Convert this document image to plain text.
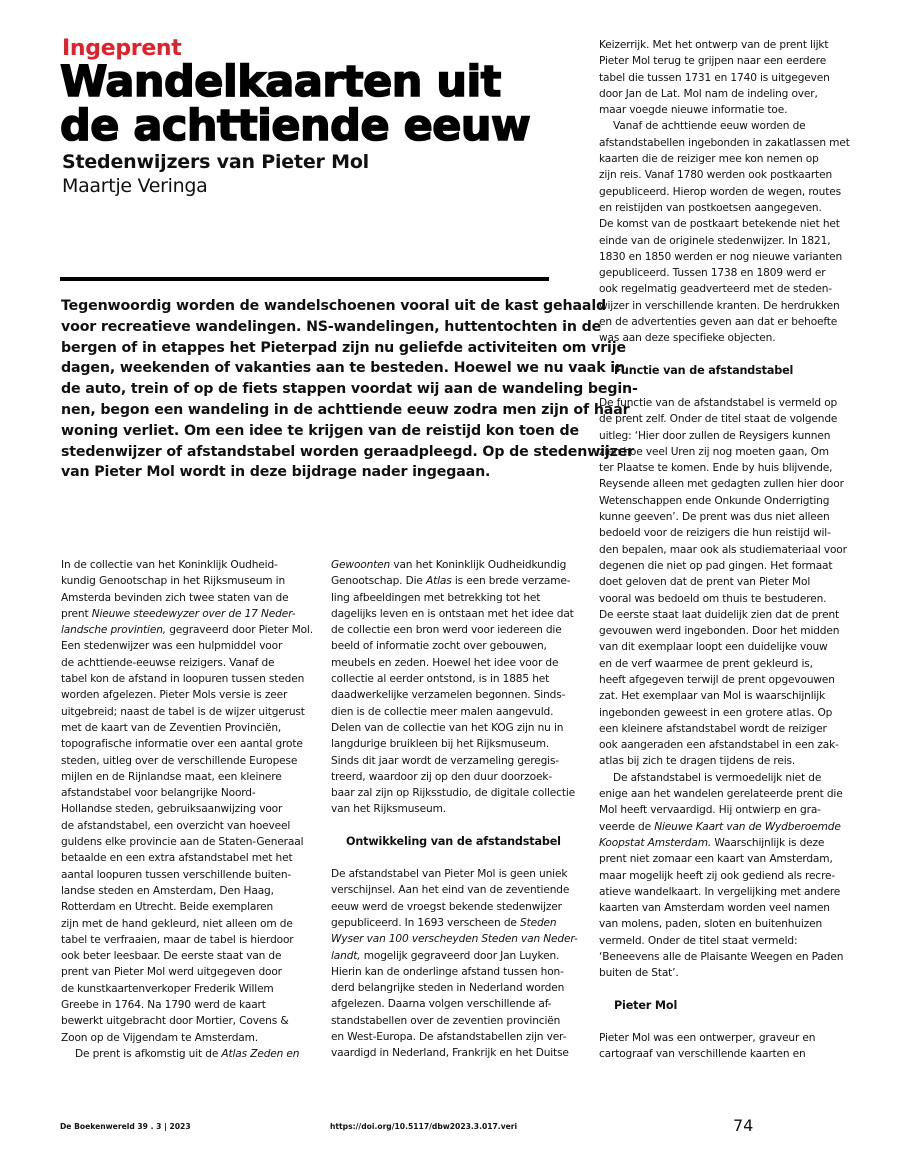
Ingeprent
Wandelkaarten uit
de achttiende eeuw
Stedenwijzers van Pieter Mol
Maartje Veringa
Tegenwoordig worden de wandelschoenen vooral uit de kast gehaald
voor recreatieve wandelingen. NS-wandelingen, huttentochten in de
bergen of in etappes het Pieterpad zijn nu geliefde activiteiten om vrije
dagen, weekenden of vakanties aan te besteden. Hoewel we nu vaak in
de auto, trein of op de fiets stappen voordat wij aan de wandeling begin-
nen, begon een wandeling in de achttiende eeuw zodra men zijn of haar
woning verliet. Om een idee te krijgen van de reistijd kon toen de
stedenwijzer of afstandstabel worden geraadpleegd. Op de stedenwijzer
van Pieter Mol wordt in deze bijdrage nader ingegaan.
In de collectie van het Koninklijk Oudheid-
kundig Genootschap in het Rijksmuseum in
Amsterda bevinden zich twee staten van de
prent Nieuwe steedewyzer over de 17 Neder-
landsche provintien, gegraveerd door Pieter Mol.
Een stedenwijzer was een hulpmiddel voor
de achttiende-eeuwse reizigers. Vanaf de
tabel kon de afstand in loopuren tussen steden
worden afgelezen. Pieter Mols versie is zeer
uitgebreid; naast de tabel is de wijzer uitgerust
met de kaart van de Zeventien Provinciën,
topografische informatie over een aantal grote
steden, uitleg over de verschillende Europese
mijlen en de Rijnlandse maat, een kleinere
afstandstabel voor belangrijke Noord-
Hollandse steden, gebruiksaanwijzing voor
de afstandstabel, een overzicht van hoeveel
guldens elke provincie aan de Staten-Generaal
betaalde en een extra afstandstabel met het
aantal loopuren tussen verschillende buiten-
landse steden en Amsterdam, Den Haag,
Rotterdam en Utrecht. Beide exemplaren
zijn met de hand gekleurd, niet alleen om de
tabel te verfraaien, maar de tabel is hierdoor
ook beter leesbaar. De eerste staat van de
prent van Pieter Mol werd uitgegeven door
de kunstkaartenverkoper Frederik Willem
Greebe in 1764. Na 1790 werd de kaart
bewerkt uitgebracht door Mortier, Covens &
Zoon op de Vijgendam te Amsterdam.
De prent is afkomstig uit de Atlas Zeden en
Gewoonten van het Koninklijk Oudheidkundig
Genootschap. Die Atlas is een brede verzame-
ling afbeeldingen met betrekking tot het
dagelijks leven en is ontstaan met het idee dat
de collectie een bron werd voor iedereen die
beeld of informatie zocht over gebouwen,
meubels en zeden. Hoewel het idee voor de
collectie al eerder ontstond, is in 1885 het
daadwerkelijke verzamelen begonnen. Sinds-
dien is de collectie meer malen aangevuld.
Delen van de collectie van het KOG zijn nu in
langdurige bruikleen bij het Rijksmuseum.
Sinds dit jaar wordt de verzameling geregis-
treerd, waardoor zij op den duur doorzoek-
baar zal zijn op Rijksstudio, de digitale collectie
van het Rijksmuseum.
Ontwikkeling van de afstandstabel
De afstandstabel van Pieter Mol is geen uniek
verschijnsel. Aan het eind van de zeventiende
eeuw werd de vroegst bekende stedenwijzer
gepubliceerd. In 1693 verscheen de Steden
Wyser van 100 verscheyden Steden van Neder-
landt, mogelijk gegraveerd door Jan Luyken.
Hierin kan de onderlinge afstand tussen hon-
derd belangrijke steden in Nederland worden
afgelezen. Daarna volgen verschillende af-
standstabellen over de zeventien provinciën
en West-Europa. De afstandstabellen zijn ver-
vaardigd in Nederland, Frankrijk en het Duitse
Keizerrijk. Met het ontwerp van de prent lijkt
Pieter Mol terug te grijpen naar een eerdere
tabel die tussen 1731 en 1740 is uitgegeven
door Jan de Lat. Mol nam de indeling over,
maar voegde nieuwe informatie toe.
Vanaf de achttiende eeuw worden de
afstandstabellen ingebonden in zakatlassen met
kaarten die de reiziger mee kon nemen op
zijn reis. Vanaf 1780 werden ook postkaarten
gepubliceerd. Hierop worden de wegen, routes
en reistijden van postkoetsen aangegeven.
De komst van de postkaart betekende niet het
einde van de originele stedenwijzer. In 1821,
1830 en 1850 werden er nog nieuwe varianten
gepubliceerd. Tussen 1738 en 1809 werd er
ook regelmatig geadverteerd met de steden-
wijzer in verschillende kranten. De herdrukken
en de advertenties geven aan dat er behoefte
was aan deze specifieke objecten.
Functie van de afstandstabel
De functie van de afstandstabel is vermeld op
de prent zelf. Onder de titel staat de volgende
uitleg: ‘Hier door zullen de Reysigers kunnen
zien hoe veel Uren zij nog moeten gaan, Om
ter Plaatse te komen. Ende by huis blijvende,
Reysende alleen met gedagten zullen hier door
Wetenschappen ende Onkunde Onderrigting
kunne geeven’. De prent was dus niet alleen
bedoeld voor de reizigers die hun reistijd wil-
den bepalen, maar ook als studiemateriaal voor
degenen die niet op pad gingen. Het formaat
doet geloven dat de prent van Pieter Mol
vooral was bedoeld om thuis te bestuderen.
De eerste staat laat duidelijk zien dat de prent
gevouwen werd ingebonden. Door het midden
van dit exemplaar loopt een duidelijke vouw
en de verf waarmee de prent gekleurd is,
heeft afgegeven terwijl de prent opgevouwen
zat. Het exemplaar van Mol is waarschijnlijk
ingebonden geweest in een grotere atlas. Op
een kleinere afstandstabel wordt de reiziger
ook aangeraden een afstandstabel in een zak-
atlas bij zich te dragen tijdens de reis.
De afstandstabel is vermoedelijk niet de
enige aan het wandelen gerelateerde prent die
Mol heeft vervaardigd. Hij ontwierp en gra-
veerde de Nieuwe Kaart van de Wydberoemde
Koopstat Amsterdam. Waarschijnlijk is deze
prent niet zomaar een kaart van Amsterdam,
maar mogelijk heeft zij ook gediend als recre-
atieve wandelkaart. In vergelijking met andere
kaarten van Amsterdam worden veel namen
van molens, paden, sloten en buitenhuizen
vermeld. Onder de titel staat vermeld:
‘Beneevens alle de Plaisante Weegen en Paden
buiten de Stat’.
Pieter Mol
Pieter Mol was een ontwerper, graveur en
cartograaf van verschillende kaarten en
De Boekenwereld 39 . 3 | 2023	https://doi.org/10.5117/dbw2023.3.017.veri	74
